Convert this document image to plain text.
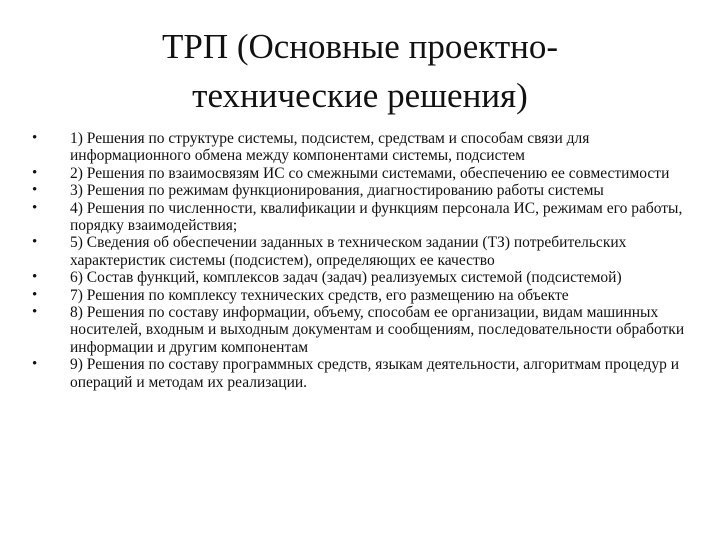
ТРП (Основные проектно-
технические решения)
• 1) Решения по структуре системы, подсистем, средствам и способам связи для информационного обмена между компонентами системы, подсистем
• 2) Решения по взаимосвязям ИС со смежными системами, обеспечению ее совместимости
• 3) Решения по режимам функционирования, диагностированию работы системы
• 4) Решения по численности, квалификации и функциям персонала ИС, режимам его работы, порядку взаимодействия;
• 5) Сведения об обеспечении заданных в техническом задании (ТЗ) потребительских характеристик системы (подсистем), определяющих ее качество
• 6) Состав функций, комплексов задач (задач) реализуемых системой (подсистемой)
• 7) Решения по комплексу технических средств, его размещению на объекте
• 8) Решения по составу информации, объему, способам ее организации, видам машинных носителей, входным и выходным документам и сообщениям, последовательности обработки информации и другим компонентам
• 9) Решения по составу программных средств, языкам деятельности, алгоритмам процедур и операций и методам их реализации.
